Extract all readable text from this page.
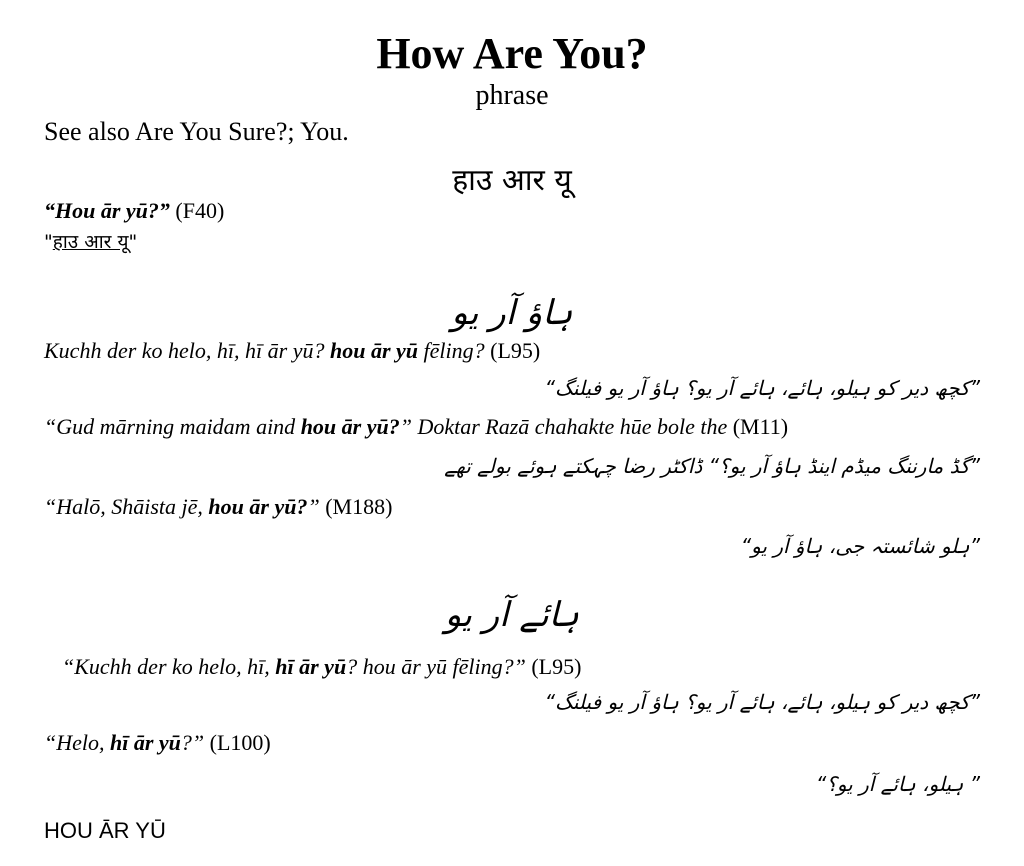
How Are You?
phrase
See also Are You Sure?; You.
हाउ आर यू
“Hou ār yū?” (F40)
"हाउ आर यू"
ہاؤ آر یو
Kuchh der ko helo, hī, hī ār yū? hou ār yū fēling? (L95)
”کچھ دیر کو ہیلو، ہائے، ہائے آر یو؟ ہاؤ آر یو فیلنگ“
“Gud mārning maidam aind hou ār yū?” Doktar Razā chahakte hūe bole the (M11)
”گڈ مارننگ میڈم اینڈ ہاؤ آر یو؟“ ڈاکٹر رضا چہکتے ہوئے بولے تھے
“Halō, Shāista jē, hou ār yū?” (M188)
”ہلو شائستہ جی، ہاؤ آر یو“
ہائے آر یو
“Kuchh der ko helo, hī, hī ār yū? hou ār yū fēling?” (L95)
”کچھ دیر کو ہیلو، ہائے، ہائے آر یو؟ ہاؤ آر یو فیلنگ“
“Helo, hī ār yū?” (L100)
” ہیلو، ہائے آر یو؟“
HOU ĀR YŪ
